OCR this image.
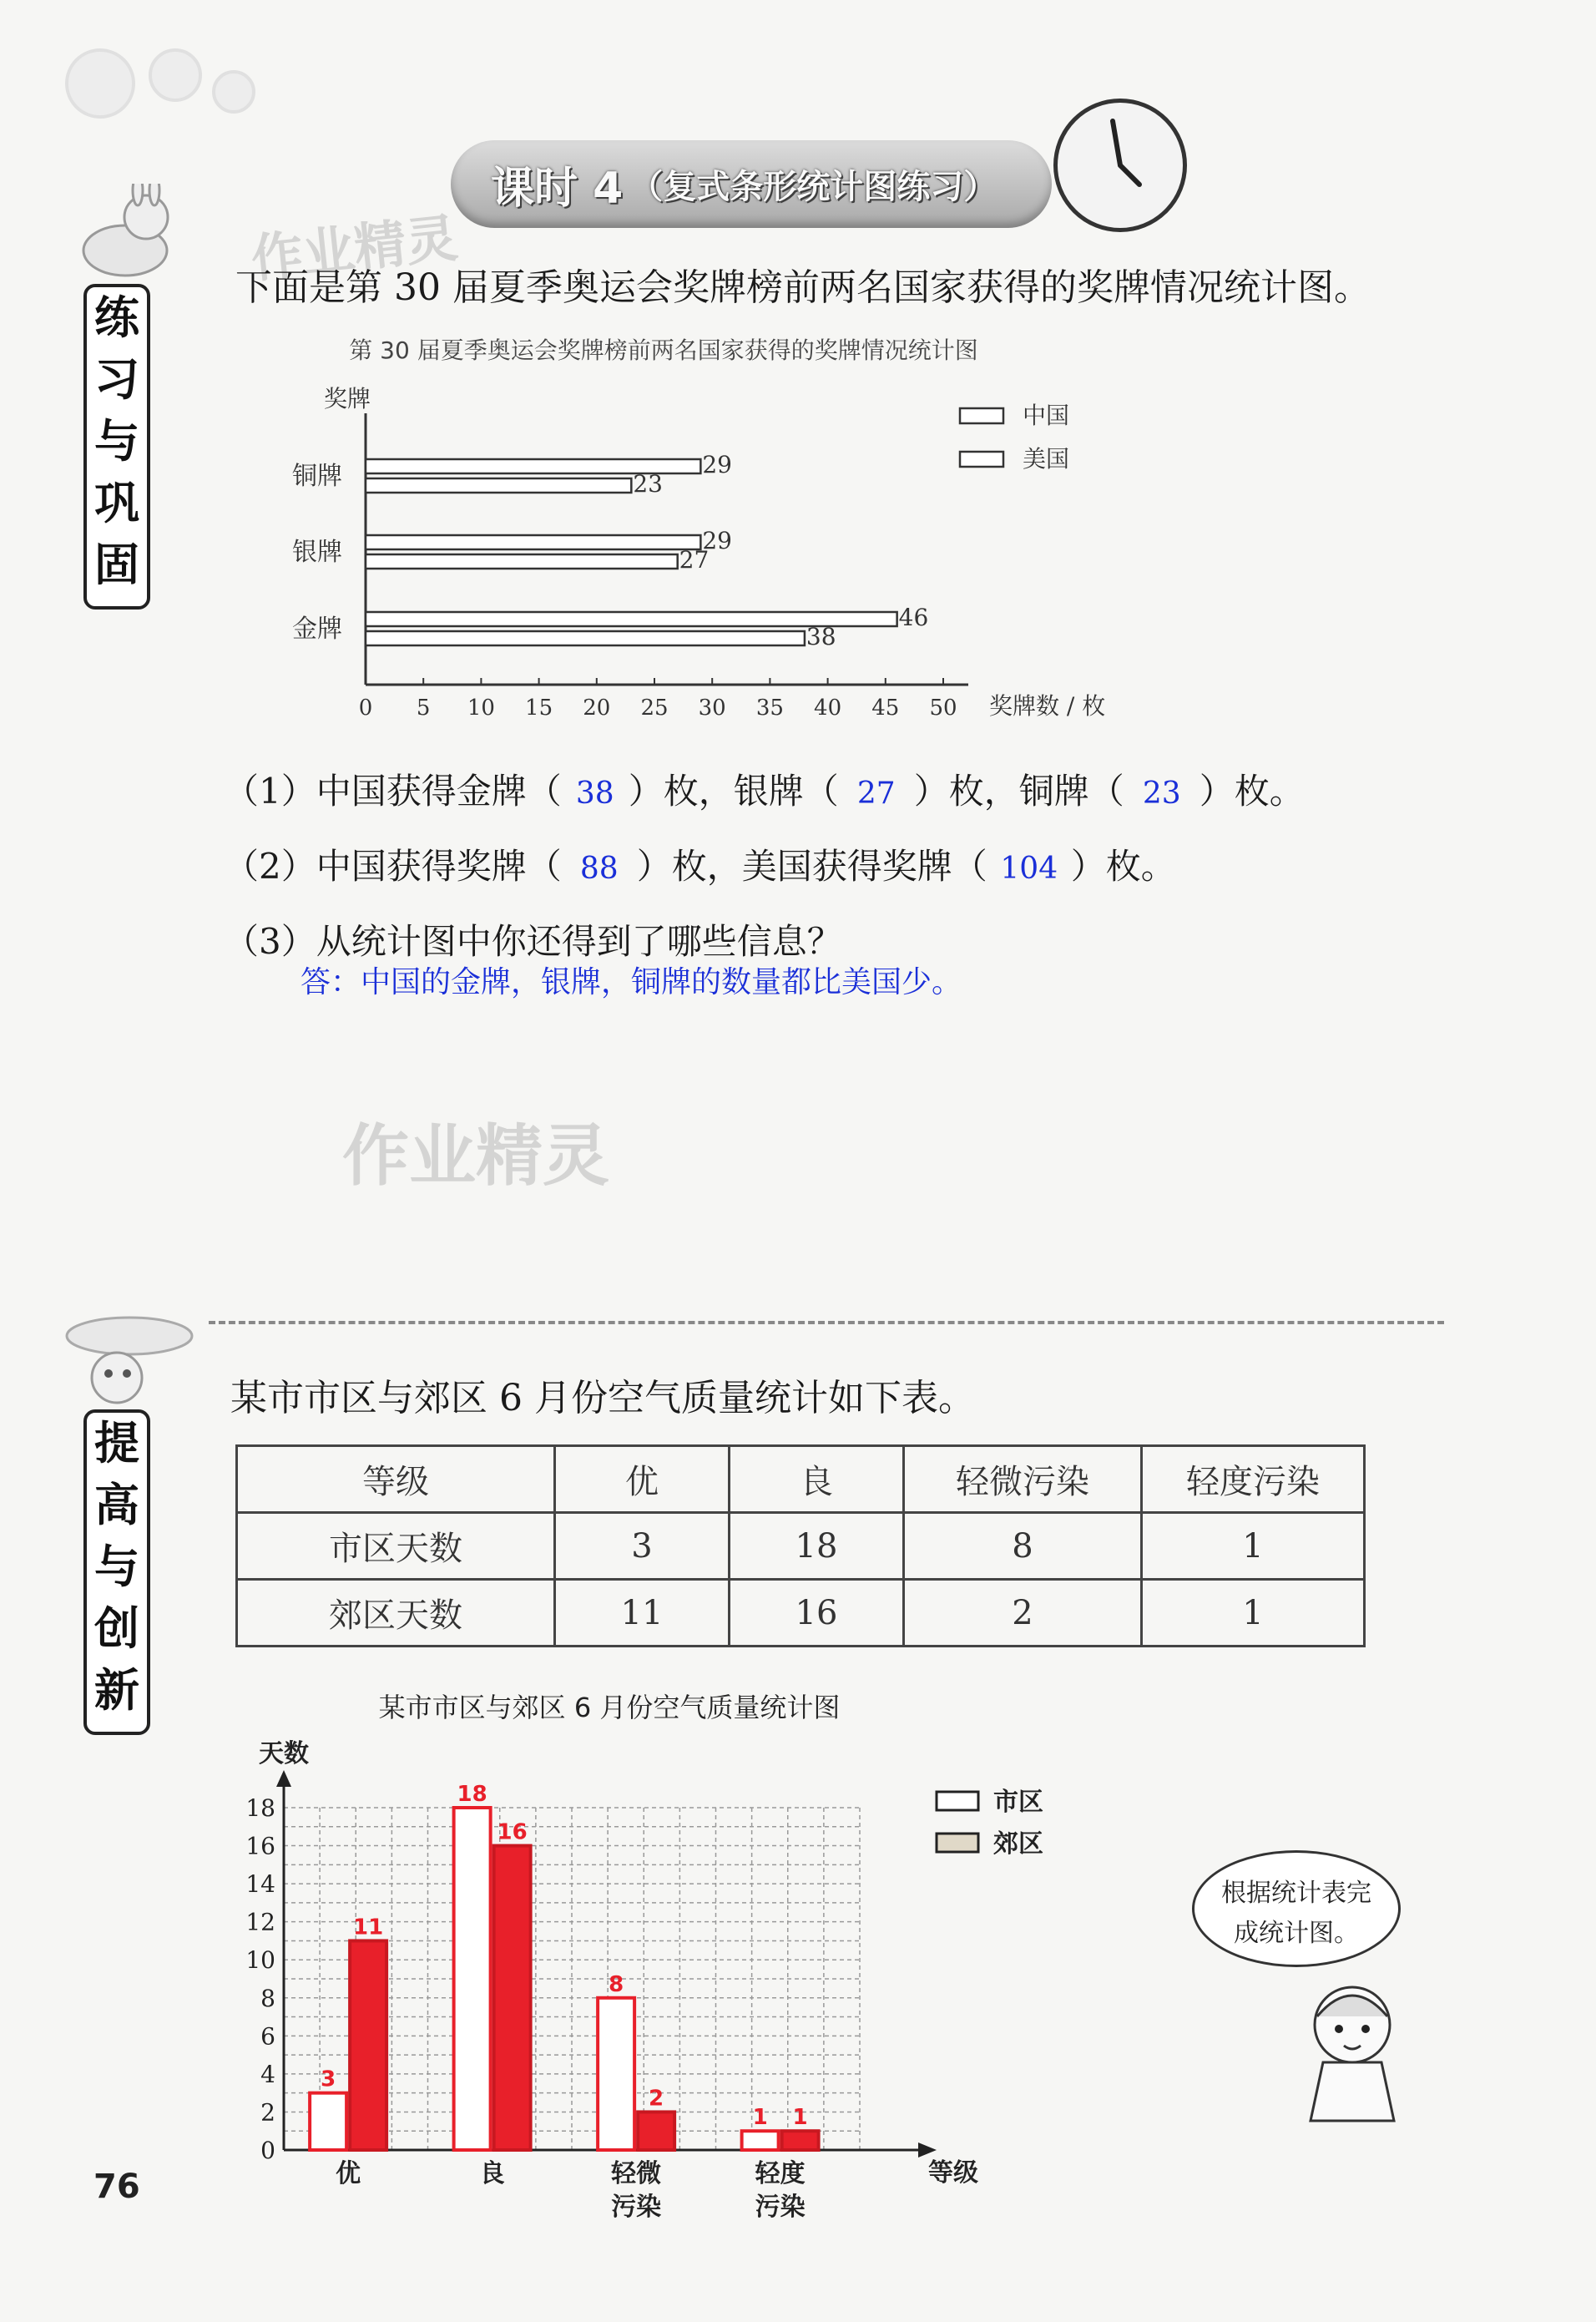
课时 4 （复式条形统计图练习）
练
习
与
巩
固
作业精灵
下面是第 30 届夏季奥运会奖牌榜前两名国家获得的奖牌情况统计图。
第 30 届夏季奥运会奖牌榜前两名国家获得的奖牌情况统计图
奖牌
奖牌数 / 枚
46
38
29
27
29
23
0 5 10 15 20 25 30 35 40 45 50
金牌
银牌
铜牌
中国
美国
（1）中国获得金牌（ 38 ）枚，银牌（ 27 ）枚，铜牌（ 23 ）枚。
（2）中国获得奖牌（ 88 ）枚，美国获得奖牌（ 104 ）枚。
（3）从统计图中你还得到了哪些信息？
答：中国的金牌，银牌，铜牌的数量都比美国少。
作业精灵
提
高
与
创
新
某市市区与郊区 6 月份空气质量统计如下表。
等级	优	良	轻微污染	轻度污染
市区天数	3	18	8	1
郊区天数	11	16	2	1
某市市区与郊区 6 月份空气质量统计图
天数
等级
3
11
18
16
8
2
1 1
0
2
4
6
8
10
12
14
16
18
优	良	轻微
污染
轻度
污染
市区
郊区
根据统计表完
成统计图。
76
